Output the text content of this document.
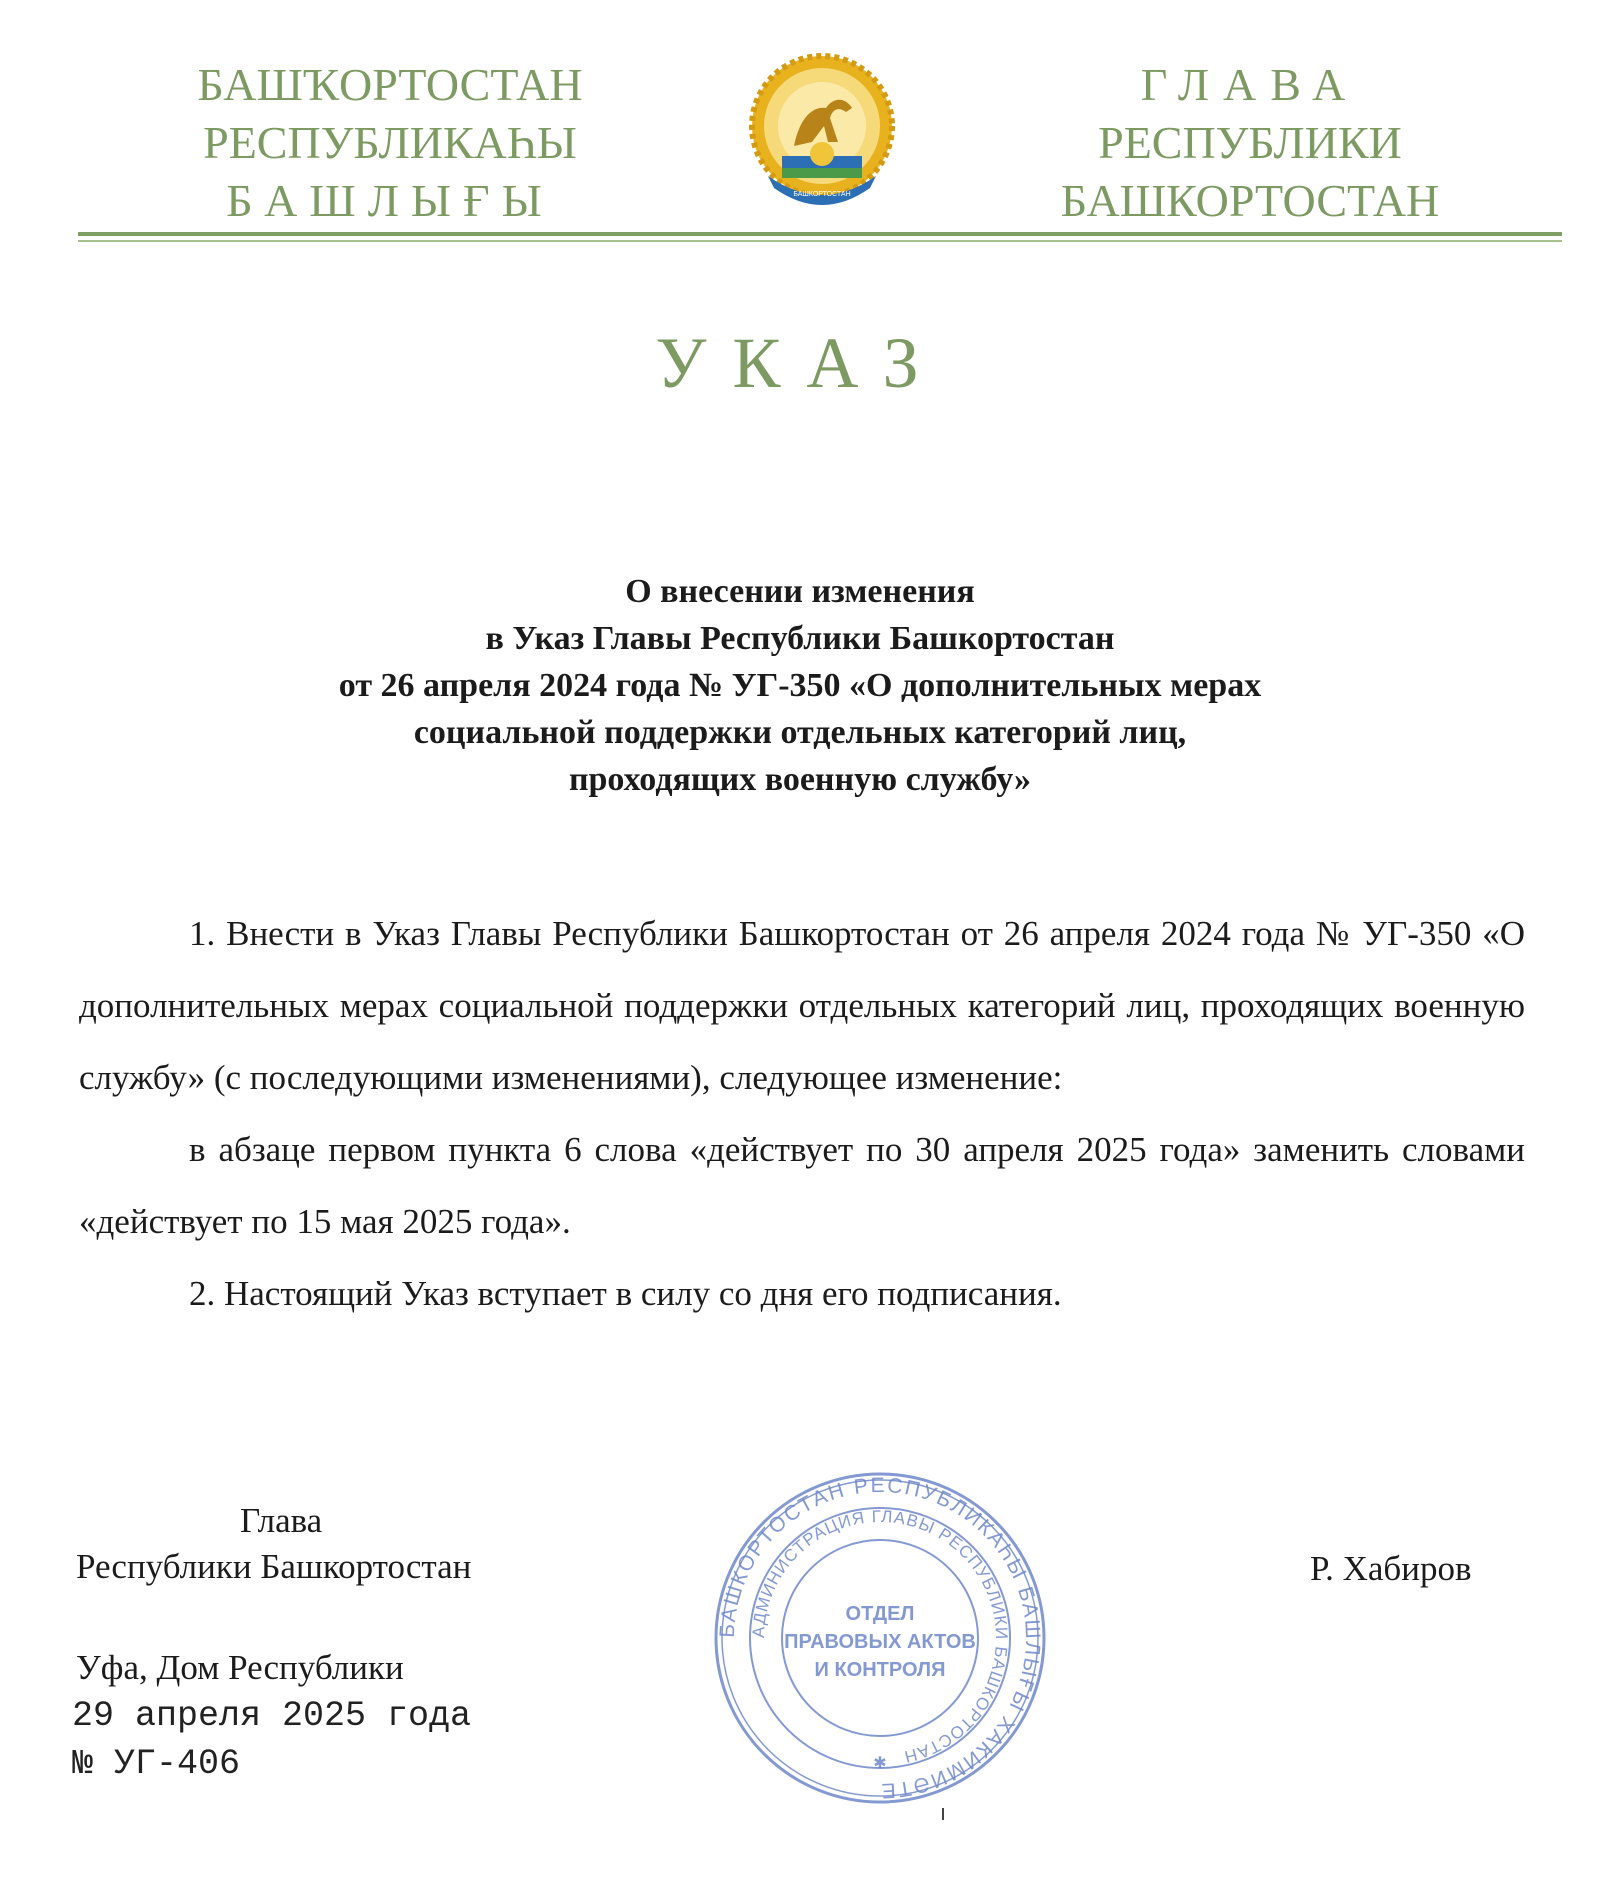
БАШҠОРТОСТАН
РЕСПУБЛИКАҺЫ
БАШЛЫҒЫ	БАШКОРТОСТАН
ГЛАВА
РЕСПУБЛИКИ
БАШКОРТОСТАН
УКАЗ
О внесении изменения
в Указ Главы Республики Башкортостан
от 26 апреля 2024 года № УГ-350 «О дополнительных мерах
социальной поддержки отдельных категорий лиц,
проходящих военную службу»

1. Внести в Указ Главы Республики Башкортостан от 26 апреля 2024 года № УГ-350 «О дополнительных мерах социальной поддержки отдельных категорий лиц, проходящих военную службу» (с последующими изменениями), следующее изменение:

в абзаце первом пункта 6 слова «действует по 30 апреля 2025 года» заменить словами «действует по 15 мая 2025 года».

2. Настоящий Указ вступает в силу со дня его подписания.

Глава
Республики Башкортостан
БАШКОРТОСТАН РЕСПУБЛИКАҺЫ БАШЛЫҒЫ ХАКИМИӘТЕ
АДМИНИСТРАЦИЯ ГЛАВЫ РЕСПУБЛИКИ БАШКОРТОСТАН
ОТДЕЛ
ПРАВОВЫХ АКТОВ
И КОНТРОЛЯ
✱
Р. Хабиров
Уфа, Дом Республики
29 апреля 2025 года
№ УГ-406
